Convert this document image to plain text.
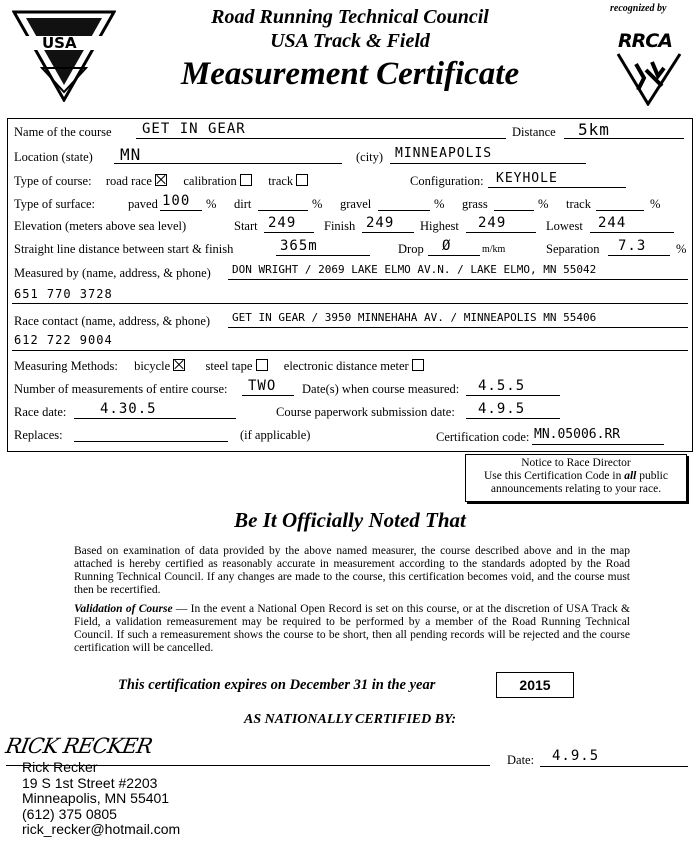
USA
Road Running Technical Council
USA Track & Field
Measurement Certificate
recognized by
RRCA
Name of the course GET IN GEAR	Distance 5km
Location (state) MN	(city) MINNEAPOLIS
Type of course: road race	calibration	track	Configuration: KEYHOLE
Type of surface:	paved 100 % dirt	% gravel	% grass	% track	%
Elevation (meters above sea level)	Start 249 Finish 249 Highest 249	Lowest 244
Straight line distance between start & finish	365m	Drop Ø	m/km	Separation 7.3 %
Measured by (name, address, & phone) DON WRIGHT / 2069 LAKE ELMO AV.N. / LAKE ELMO, MN 55042
651 770 3728
Race contact (name, address, & phone) GET IN GEAR / 3950 MINNEHAHA AV. / MINNEAPOLIS MN 55406
612 722 9004
Measuring Methods: bicycle	steel tape	electronic distance meter
Number of measurements of entire course: TWO Date(s) when course measured: 4.5.5
Race date: 4.30.5	Course paperwork submission date: 4.9.5
Replaces:	(if applicable)	Certification code: MN.05006.RR
Notice to Race Director
Use this Certification Code in all public
announcements relating to your race.
Be It Officially Noted That
Based on examination of data provided by the above named measurer, the course described above and in the map attached is hereby certified as reasonably accurate in measurement according to the standards adopted by the Road Running Technical Council. If any changes are made to the course, this certification becomes void, and the course must then be recertified.
Validation of Course — In the event a National Open Record is set on this course, or at the discretion of USA Track & Field, a validation remeasurement may be required to be performed by a member of the Road Running Technical Council. If such a remeasurement shows the course to be short, then all pending records will be rejected and the course certification will be cancelled.
This certification expires on December 31 in the year	2015
AS NATIONALLY CERTIFIED BY:
RICK RECKER
Date: 4.9.5
Rick Recker
19 S 1st Street #2203
Minneapolis, MN 55401
(612) 375 0805
rick_recker@hotmail.com
